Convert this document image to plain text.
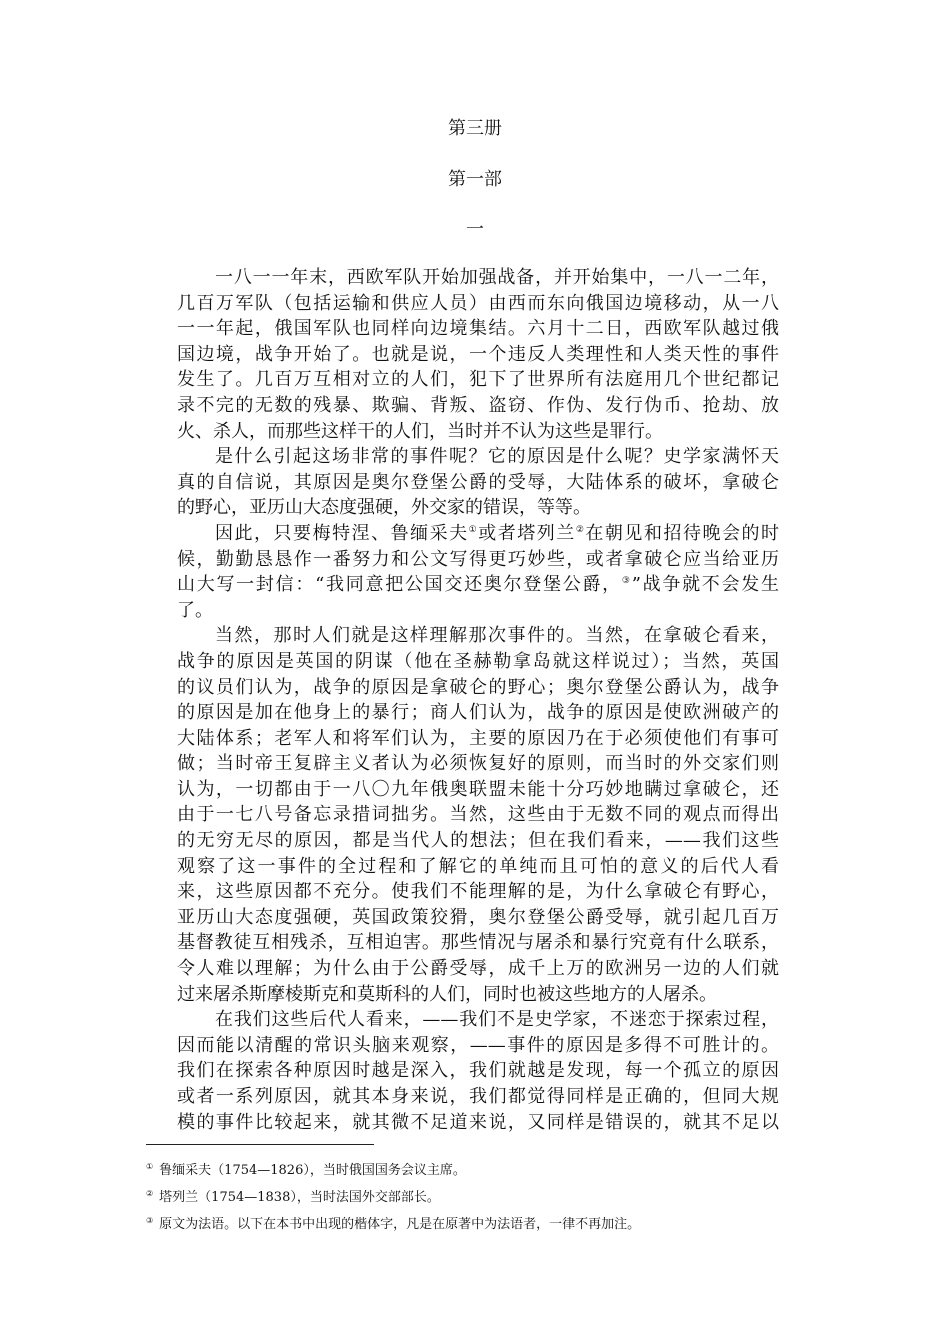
第三册
第一部
一
一八一一年末，西欧军队开始加强战备，并开始集中，一八一二年，
几百万军队（包括运输和供应人员）由西而东向俄国边境移动，从一八
一一年起，俄国军队也同样向边境集结。六月十二日，西欧军队越过俄
国边境，战争开始了。也就是说，一个违反人类理性和人类天性的事件
发生了。几百万互相对立的人们，犯下了世界所有法庭用几个世纪都记
录不完的无数的残暴、欺骗、背叛、盗窃、作伪、发行伪币、抢劫、放
火、杀人，而那些这样干的人们，当时并不认为这些是罪行。
是什么引起这场非常的事件呢？它的原因是什么呢？史学家满怀天
真的自信说，其原因是奥尔登堡公爵的受辱，大陆体系的破坏，拿破仑
的野心，亚历山大态度强硬，外交家的错误，等等。
因此，只要梅特涅、鲁缅采夫①或者塔列兰②在朝见和招待晚会的时
候，勤勤恳恳作一番努力和公文写得更巧妙些，或者拿破仑应当给亚历
山大写一封信：“我同意把公国交还奥尔登堡公爵，③”战争就不会发生
了。
当然，那时人们就是这样理解那次事件的。当然，在拿破仑看来，
战争的原因是英国的阴谋（他在圣赫勒拿岛就这样说过）；当然，英国
的议员们认为，战争的原因是拿破仑的野心；奥尔登堡公爵认为，战争
的原因是加在他身上的暴行；商人们认为，战争的原因是使欧洲破产的
大陆体系；老军人和将军们认为，主要的原因乃在于必须使他们有事可
做；当时帝王复辟主义者认为必须恢复好的原则，而当时的外交家们则
认为，一切都由于一八〇九年俄奥联盟未能十分巧妙地瞒过拿破仑，还
由于一七八号备忘录措词拙劣。当然，这些由于无数不同的观点而得出
的无穷无尽的原因，都是当代人的想法；但在我们看来，——我们这些
观察了这一事件的全过程和了解它的单纯而且可怕的意义的后代人看
来，这些原因都不充分。使我们不能理解的是，为什么拿破仑有野心，
亚历山大态度强硬，英国政策狡猾，奥尔登堡公爵受辱，就引起几百万
基督教徒互相残杀，互相迫害。那些情况与屠杀和暴行究竟有什么联系，
令人难以理解；为什么由于公爵受辱，成千上万的欧洲另一边的人们就
过来屠杀斯摩棱斯克和莫斯科的人们，同时也被这些地方的人屠杀。
在我们这些后代人看来，——我们不是史学家，不迷恋于探索过程，
因而能以清醒的常识头脑来观察，——事件的原因是多得不可胜计的。
我们在探索各种原因时越是深入，我们就越是发现，每一个孤立的原因
或者一系列原因，就其本身来说，我们都觉得同样是正确的，但同大规
模的事件比较起来，就其微不足道来说，又同样是错误的，就其不足以
① 鲁缅采夫（1754—1826），当时俄国国务会议主席。
② 塔列兰（1754—1838），当时法国外交部部长。
③ 原文为法语。以下在本书中出现的楷体字，凡是在原著中为法语者，一律不再加注。
